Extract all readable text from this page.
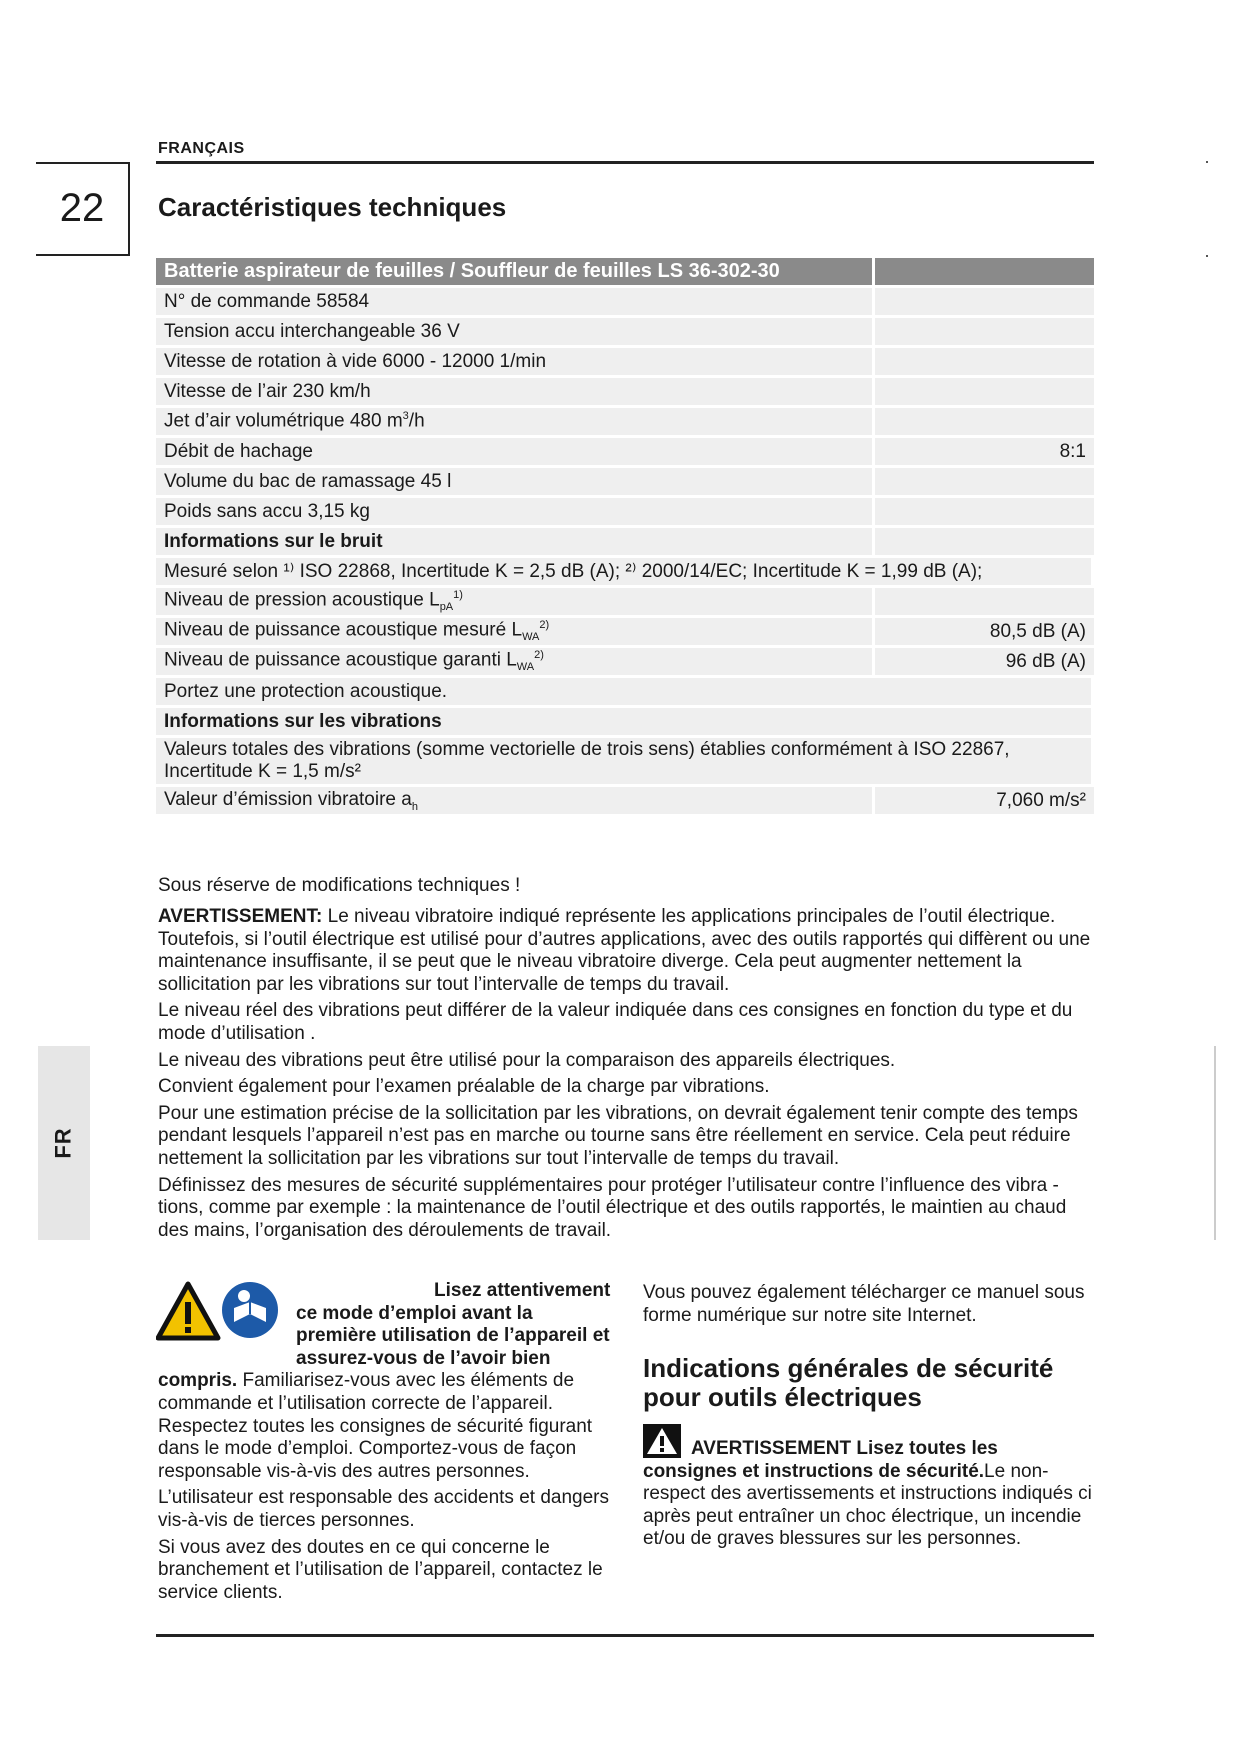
FRANÇAIS
22	Caractéristiques techniques
FR
Batterie aspirateur de feuilles / Souffleur de feuilles LS 36-302-30	
N° de commande 58584	
Tension accu interchangeable 36 V	
Vitesse de rotation à vide 6000 - 12000 1/min	
Vitesse de l’air 230 km/h	
Jet d’air volumétrique 480 $m^3/h$	
Débit de hachage	8:1
Volume du bac de ramassage 45 l	
Poids sans accu 3,15 kg	
Informations sur le bruit	
Mesuré selon ¹⁾ ISO 22868, Incertitude K = 2,5 dB (A); ²⁾ 2000/14/EC; Incertitude K = 1,99 dB (A);	
Niveau de pression acoustique $L_{pA}^{1)}$	
Niveau de puissance acoustique mesuré $L_{WA}^{2)}$	80,5 dB (A)
Niveau de puissance acoustique garanti $L_{WA}^{2)}$	96 dB (A)
Portez une protection acoustique.	
Informations sur les vibrations	
Valeurs totales des vibrations (somme vectorielle de trois sens) établies conformément à ISO 22867, Incertitude K = 1,5 m/s²	
Valeur d’émission vibratoire $a_h$	7,060 m/s²
Sous réserve de modifications techniques !

AVERTISSEMENT: Le niveau vibratoire indiqué représente les applications principales de l’outil électrique. Toutefois, si l’outil électrique est utilisé pour d’autres applications, avec des outils rapportés qui diffèrent ou une maintenance insuffisante, il se peut que le niveau vibratoire diverge. Cela peut augmenter nettement la sollicitation par les vibrations sur tout l’intervalle de temps du travail.

Le niveau réel des vibrations peut différer de la valeur indiquée dans ces consignes en fonction du type et du mode d’utilisation .

Le niveau des vibrations peut être utilisé pour la comparaison des appareils électriques.

Convient également pour l’examen préalable de la charge par vibrations.

Pour une estimation précise de la sollicitation par les vibrations, on devrait également tenir compte des temps pendant lesquels l’appareil n’est pas en marche ou tourne sans être réellement en service. Cela peut réduire nettement la sollicitation par les vibrations sur tout l’intervalle de temps du travail.

Définissez des mesures de sécurité supplémentaires pour protéger l’utilisateur contre l’influence des vibra - tions, comme par exemple : la maintenance de l’outil électrique et des outils rapportés, le maintien au chaud des mains, l’organisation des déroulements de travail.

Lisez attentivement ce mode d’emploi avant la première utilisation de l’appareil et assurez-vous de l’avoir bien compris. Familiarisez-vous avec les éléments de commande et l’utilisation correcte de l’appareil. Respectez toutes les consignes de sécurité figurant dans le mode d’emploi. Comportez-vous de façon responsable vis-à-vis des autres personnes.

L’utilisateur est responsable des accidents et dangers vis-à-vis de tierces personnes.

Si vous avez des doutes en ce qui concerne le branchement et l’utilisation de l’appareil, contactez le service clients.

Vous pouvez également télécharger ce manuel sous forme numérique sur notre site Internet.
Indications générales de sécurité pour outils électriques
AVERTISSEMENT Lisez toutes les consignes et instructions de sécurité.Le non-respect des avertissements et instructions indiqués ci après peut entraîner un choc électrique, un incendie et/ou de graves blessures sur les personnes.
